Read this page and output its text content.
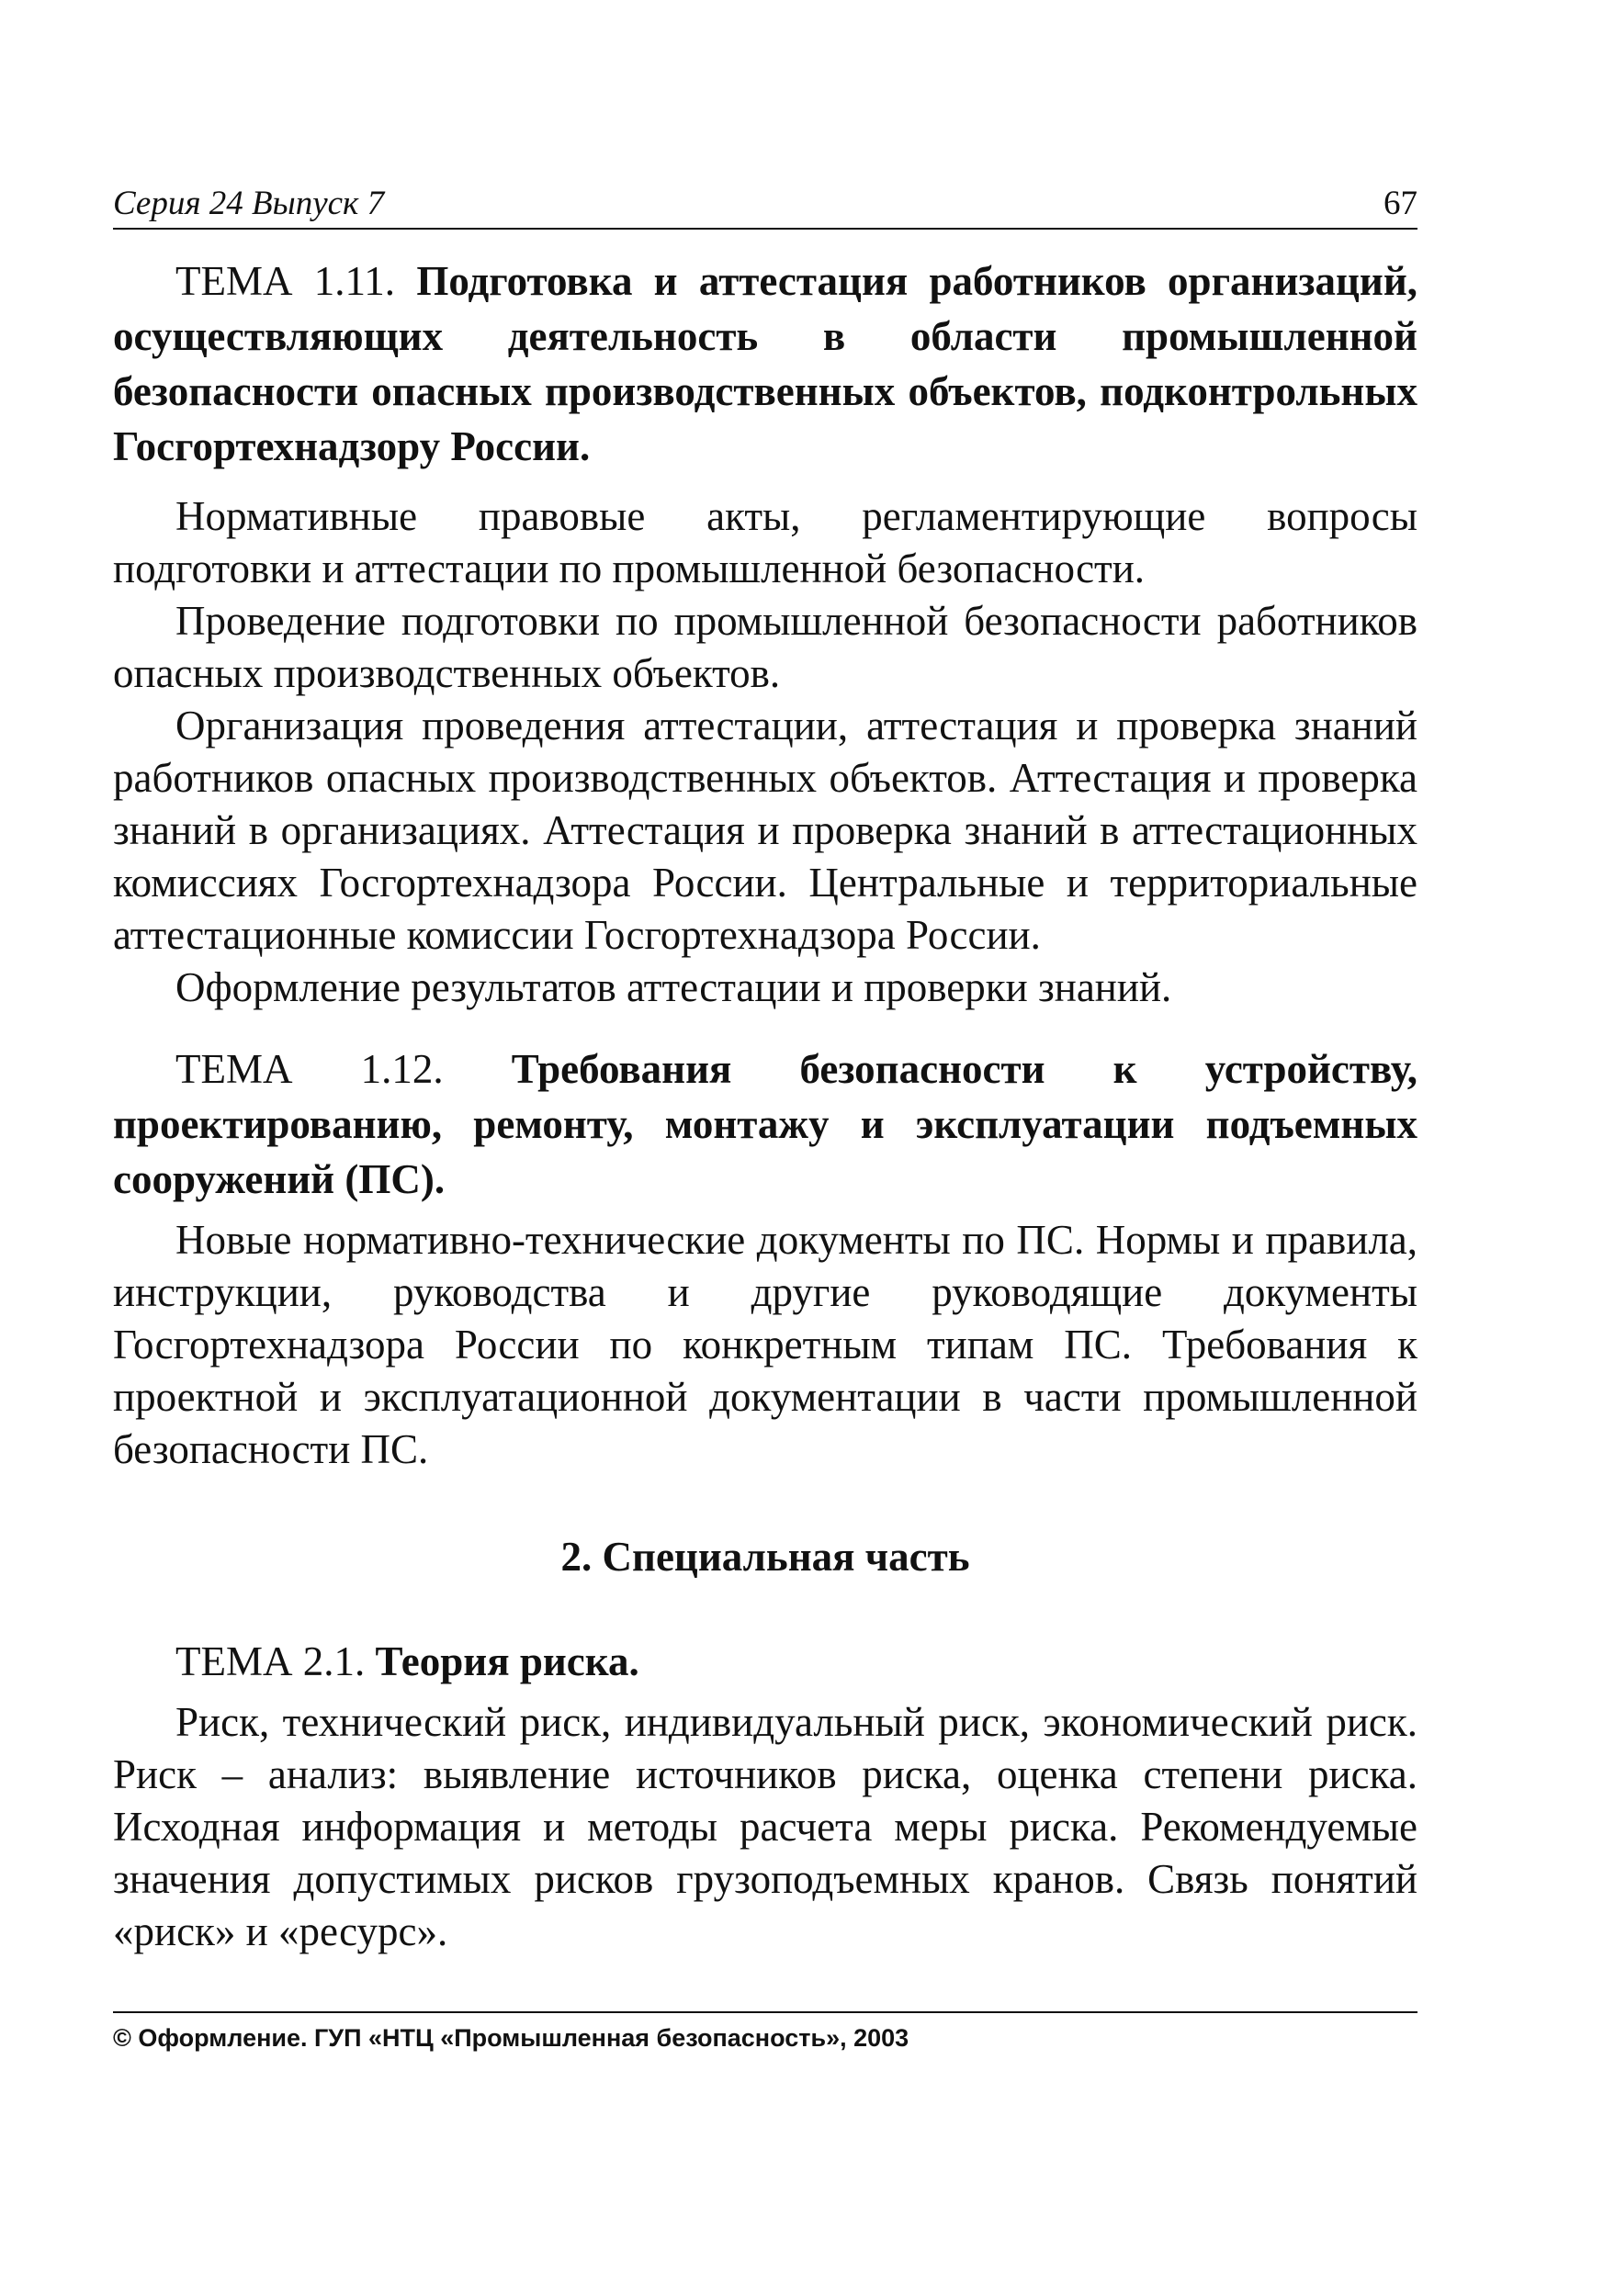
Серия 24 Выпуск 7	67

ТЕМА 1.11. Подготовка и аттестация работников организаций, осуществляющих деятельность в области промышленной безопасности опасных производственных объектов, подконтрольных Госгортехнадзору России.

Нормативные правовые акты, регламентирующие вопросы подготовки и аттестации по промышленной безопасности.

Проведение подготовки по промышленной безопасности работников опасных производственных объектов.

Организация проведения аттестации, аттестация и проверка знаний работников опасных производственных объектов. Аттестация и проверка знаний в организациях. Аттестация и проверка знаний в аттестационных комиссиях Госгортехнадзора России. Центральные и территориальные аттестационные комиссии Госгортехнадзора России.

Оформление результатов аттестации и проверки знаний.

ТЕМА 1.12. Требования безопасности к устройству, проектированию, ремонту, монтажу и эксплуатации подъемных сооружений (ПС).

Новые нормативно-технические документы по ПС. Нормы и правила, инструкции, руководства и другие руководящие документы Госгортехнадзора России по конкретным типам ПС. Требования к проектной и эксплуатационной документации в части промышленной безопасности ПС.

2. Специальная часть

ТЕМА 2.1. Теория риска.

Риск, технический риск, индивидуальный риск, экономический риск. Риск – анализ: выявление источников риска, оценка степени риска. Исходная информация и методы расчета меры риска. Рекомендуемые значения допустимых рисков грузоподъемных кранов. Связь понятий «риск» и «ресурс».

© Оформление. ГУП «НТЦ «Промышленная безопасность», 2003
